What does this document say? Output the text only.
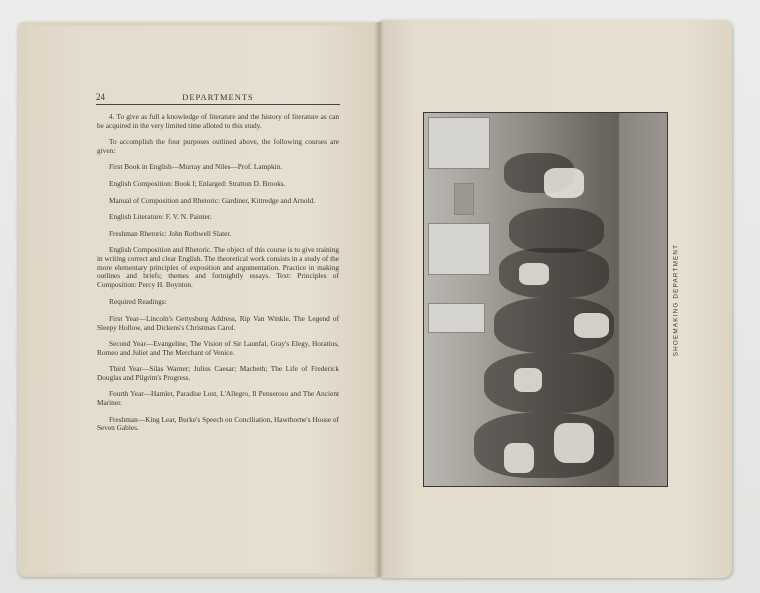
24	DEPARTMENTS

4. To give as full a knowledge of literature and the history of literature as can be acquired in the very limited time alloted to this study.

To accomplish the four purposes outlined above, the following courses are given:

First Book in English—Murray and Niles—Prof. Lampkin.

English Composition: Book I; Enlarged: Stratton D. Brooks.

Manual of Composition and Rhetoric: Gardiner, Kittredge and Arnold.

English Literature: F. V. N. Painter.

Freshman Rhetoric: John Rothwell Slater.

English Composition and Rhetoric. The object of this course is to give training in writing correct and clear English. The theoretical work consists in a study of the more elementary principles of exposition and argumentation. Practice in making outlines and briefs; themes and fortnightly essays. Text: Principles of Composition: Percy H. Boynton.

Required Readings:

First Year—Lincoln's Gettysburg Address, Rip Van Winkle, The Legend of Sleepy Hollow, and Dickens's Christmas Carol.

Second Year—Evangeline, The Vision of Sir Launfal, Gray's Elegy, Horatius, Romeo and Juliet and The Merchant of Venice.

Third Year—Silas Warner; Julius Caesar; Macbeth; The Life of Frederick Douglas and Pilgrim's Progress.

Fourth Year—Hamlet, Paradise Lost, L'Allegro, Il Penseroso and The Ancient Mariner.

Freshman—King Lear, Burke's Speech on Conciliation, Hawthorne's House of Seven Gables.

SHOEMAKING DEPARTMENT
